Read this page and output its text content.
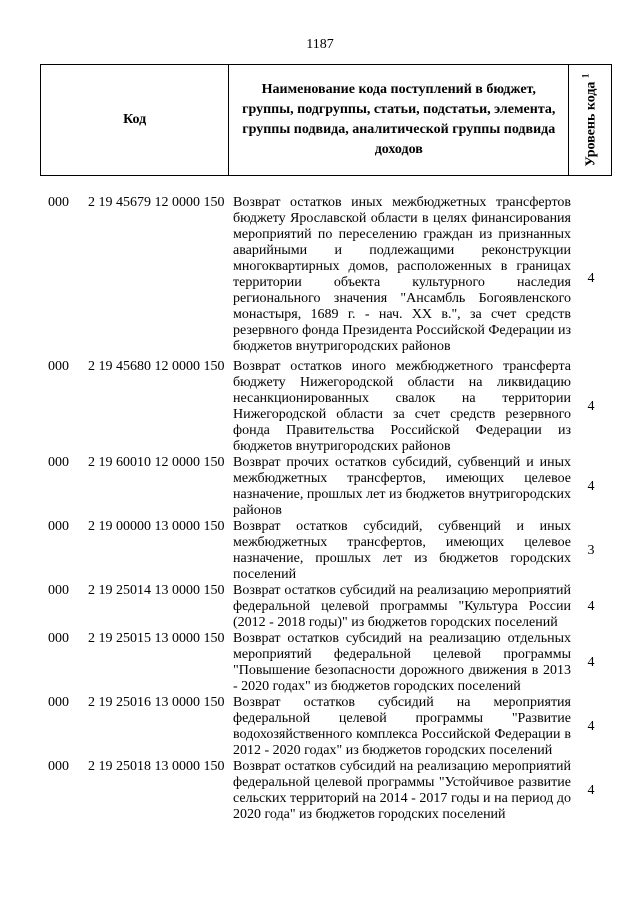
1187
Код
Наименование кода поступлений в бюджет, группы, подгруппы, статьи, подстатьи, элемента, группы подвида, аналитической группы подвида доходов	Уровень кода $^1$
000 2 19 45679 12 0000 150 Возврат остатков иных межбюджетных трансфертов бюджету Ярославской области в целях финансирования мероприятий по переселению граждан из признанных аварийными и подлежащими реконструкции многоквартирных домов, расположенных в границах территории объекта культурного наследия регионального значения "Ансамбль Богоявленского монастыря, 1689 г. - нач. XX в.", за счет средств резервного фонда Президента Российской Федерации из бюджетов внутригородских районов
4
000 2 19 45680 12 0000 150 Возврат остатков иного межбюджетного трансферта бюджету Нижегородской области на ликвидацию несанкционированных свалок на территории Нижегородской области за счет средств резервного фонда Правительства Российской Федерации из бюджетов внутригородских районов
4
000 2 19 60010 12 0000 150 Возврат прочих остатков субсидий, субвенций и иных межбюджетных трансфертов, имеющих целевое назначение, прошлых лет из бюджетов внутригородских районов
4
000 2 19 00000 13 0000 150 Возврат остатков субсидий, субвенций и иных межбюджетных трансфертов, имеющих целевое назначение, прошлых лет из бюджетов городских поселений
3
000 2 19 25014 13 0000 150 Возврат остатков субсидий на реализацию мероприятий федеральной целевой программы "Культура России (2012 - 2018 годы)" из бюджетов городских поселений
4
000 2 19 25015 13 0000 150 Возврат остатков субсидий на реализацию отдельных мероприятий федеральной целевой программы "Повышение безопасности дорожного движения в 2013 - 2020 годах" из бюджетов городских поселений
4
000 2 19 25016 13 0000 150 Возврат остатков субсидий на мероприятия федеральной целевой программы "Развитие водохозяйственного комплекса Российской Федерации в 2012 - 2020 годах" из бюджетов городских поселений
4
000 2 19 25018 13 0000 150 Возврат остатков субсидий на реализацию мероприятий федеральной целевой программы "Устойчивое развитие сельских территорий на 2014 - 2017 годы и на период до 2020 года" из бюджетов городских поселений
4
